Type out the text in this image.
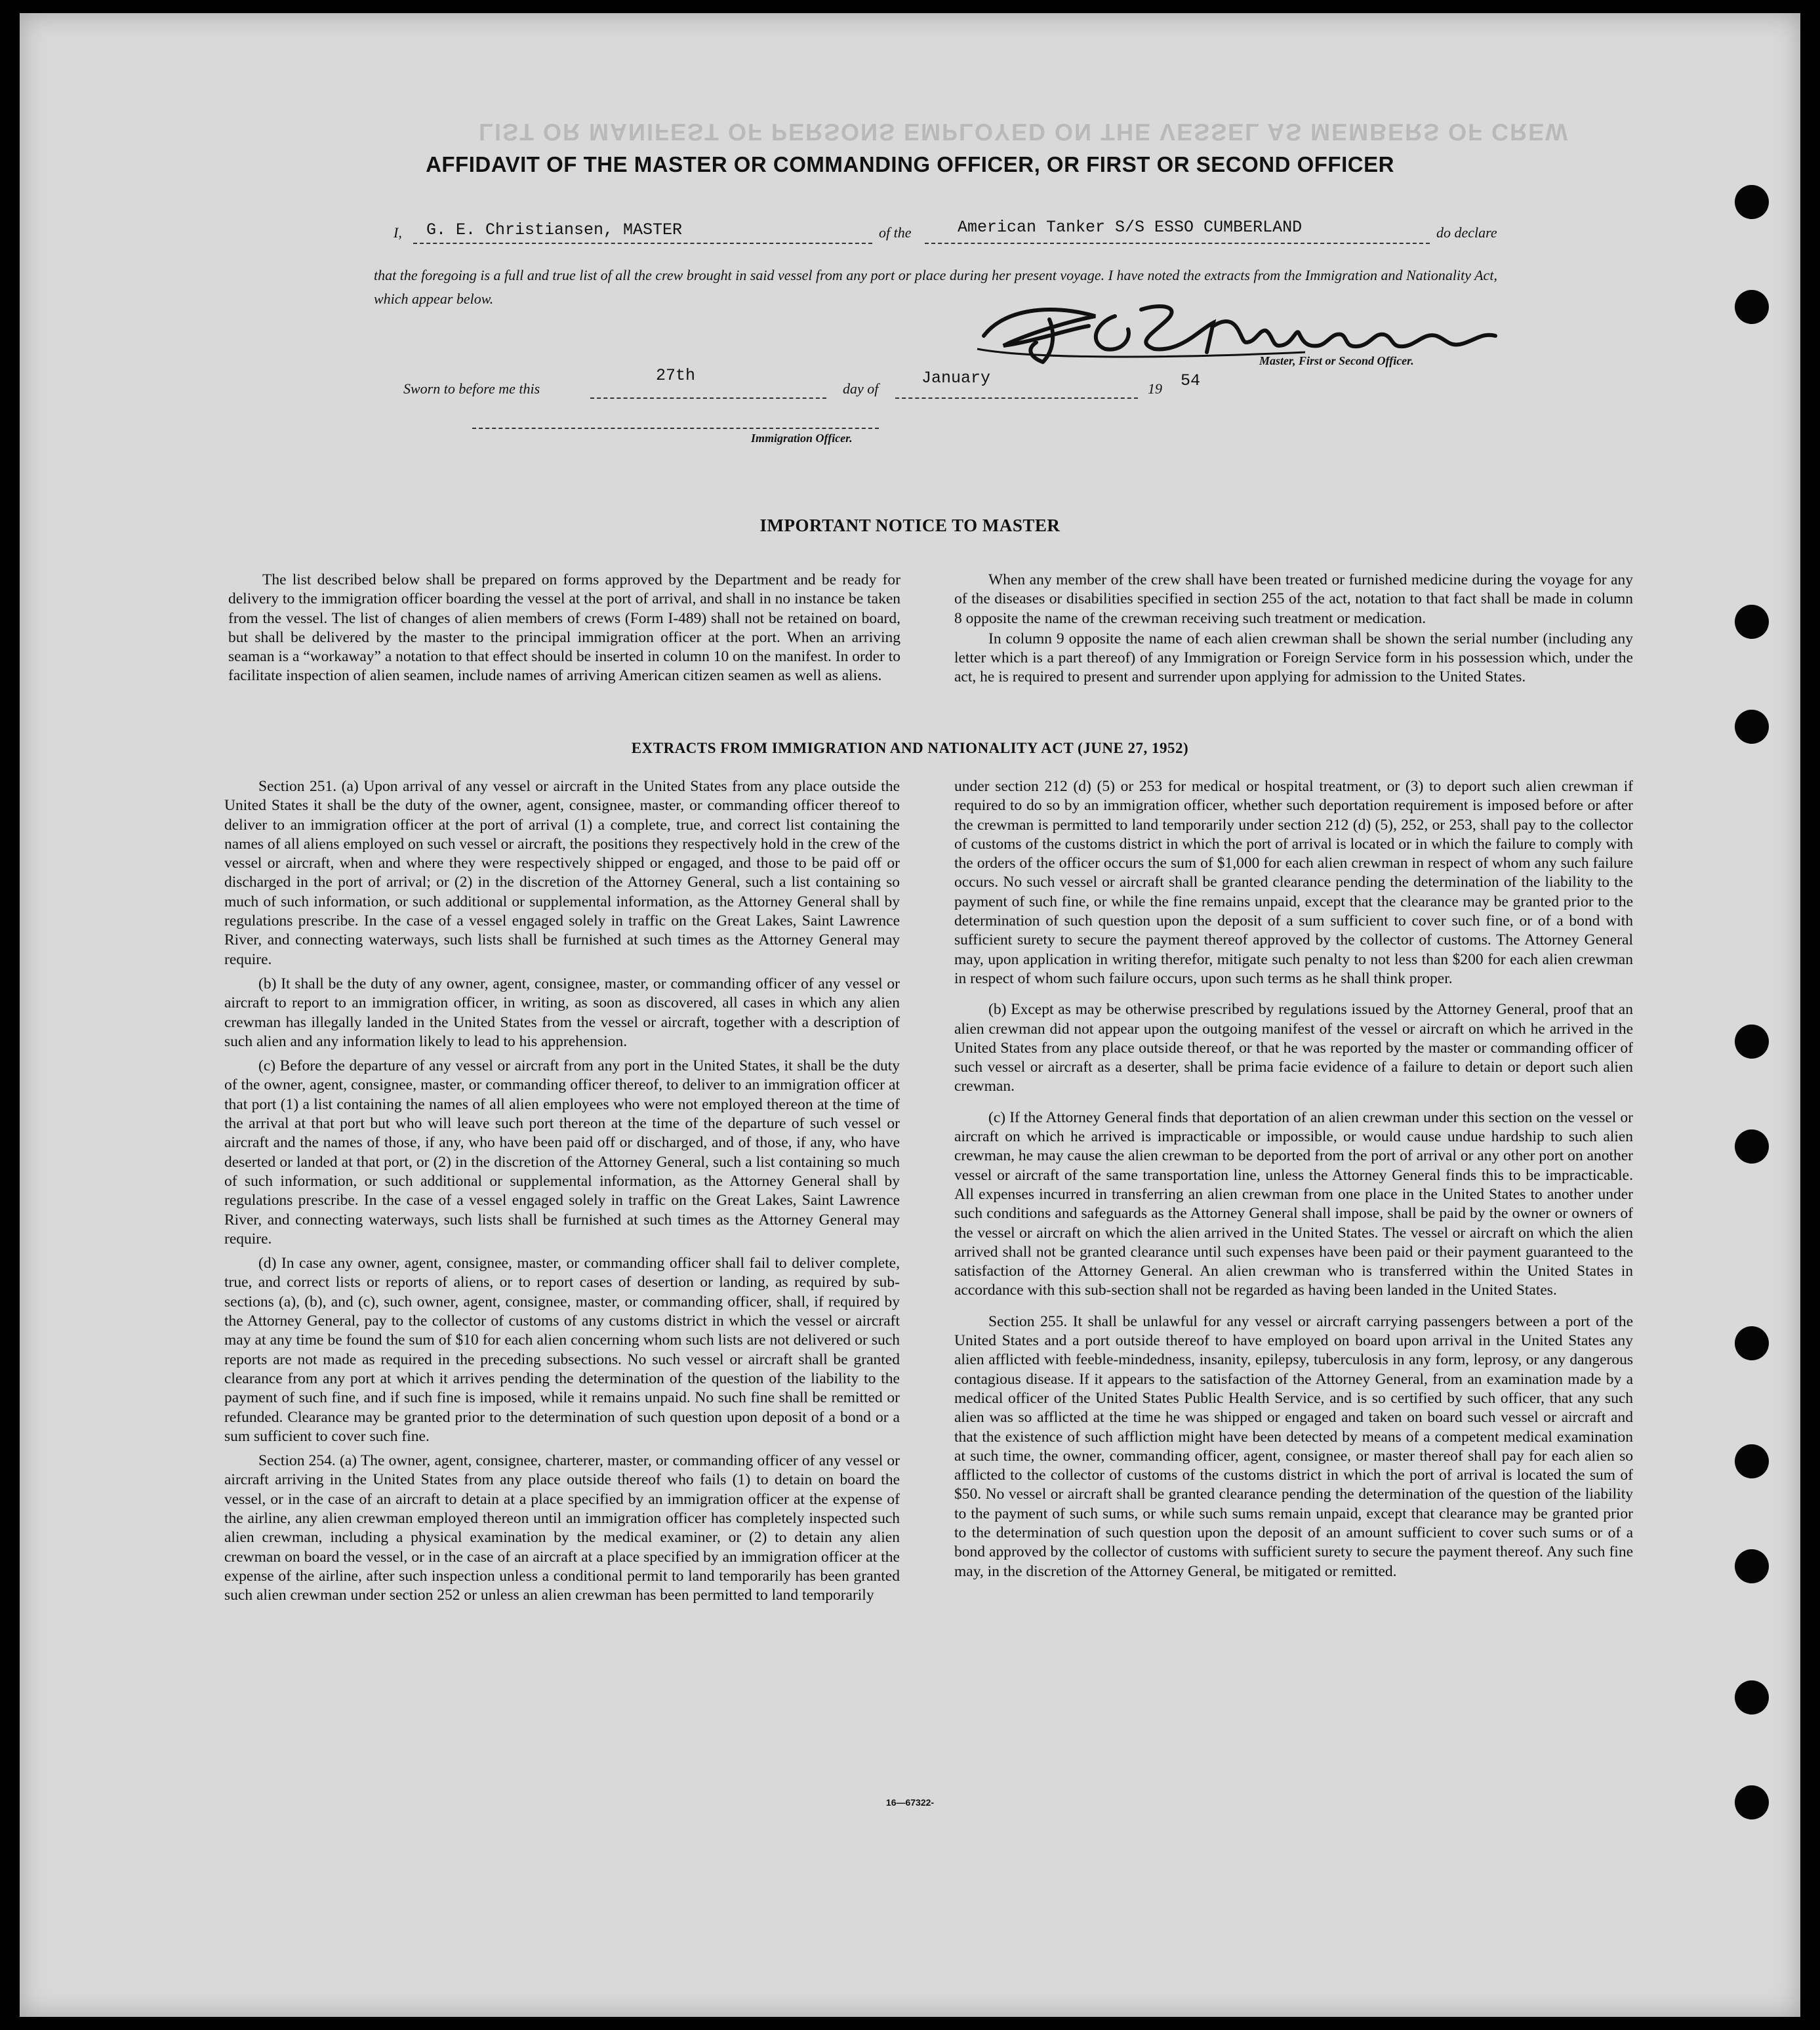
LIST OR MANIFEST OF PERSONS EMPLOYED ON THE VESSEL AS MEMBERS OF CREW
AFFIDAVIT OF THE MASTER OR COMMANDING OFFICER, OR FIRST OR SECOND OFFICER
I, G. E. Christiansen, MASTER	of the	American Tanker S/S ESSO CUMBERLAND	do declare
that the foregoing is a full and true list of all the crew brought in said vessel from any port or place during her present voyage. I have noted the extracts from the Immigration and Nationality Act, which appear below.
Master, First or Second Officer.
Sworn to before me this
27th
day of
January
19 54
Immigration Officer.
IMPORTANT NOTICE TO MASTER

The list described below shall be prepared on forms approved by the Department and be ready for delivery to the immigration officer boarding the vessel at the port of arrival, and shall in no instance be taken from the vessel. The list of changes of alien members of crews (Form I-489) shall not be retained on board, but shall be delivered by the master to the principal immigration officer at the port. When an arriving seaman is a “workaway” a notation to that effect should be inserted in column 10 on the manifest. In order to facilitate inspection of alien seamen, include names of arriving American citizen seamen as well as aliens.

When any member of the crew shall have been treated or furnished medicine during the voyage for any of the diseases or disabilities specified in section 255 of the act, notation to that fact shall be made in column 8 opposite the name of the crewman receiving such treatment or medication.

In column 9 opposite the name of each alien crewman shall be shown the serial number (including any letter which is a part thereof) of any Immigration or Foreign Service form in his possession which, under the act, he is required to present and surrender upon applying for admission to the United States.

EXTRACTS FROM IMMIGRATION AND NATIONALITY ACT (JUNE 27, 1952)

Section 251. (a) Upon arrival of any vessel or aircraft in the United States from any place outside the United States it shall be the duty of the owner, agent, consignee, master, or commanding officer thereof to deliver to an immigration officer at the port of arrival (1) a complete, true, and correct list containing the names of all aliens employed on such vessel or aircraft, the positions they respectively hold in the crew of the vessel or aircraft, when and where they were respectively shipped or engaged, and those to be paid off or discharged in the port of arrival; or (2) in the discretion of the Attorney General, such a list containing so much of such information, or such additional or supplemental information, as the Attorney General shall by regulations prescribe. In the case of a vessel engaged solely in traffic on the Great Lakes, Saint Lawrence River, and connecting waterways, such lists shall be furnished at such times as the Attorney General may require.

(b) It shall be the duty of any owner, agent, consignee, master, or commanding officer of any vessel or aircraft to report to an immigration officer, in writing, as soon as discovered, all cases in which any alien crewman has illegally landed in the United States from the vessel or aircraft, together with a description of such alien and any information likely to lead to his apprehension.

(c) Before the departure of any vessel or aircraft from any port in the United States, it shall be the duty of the owner, agent, consignee, master, or commanding officer thereof, to deliver to an immigration officer at that port (1) a list containing the names of all alien employees who were not employed thereon at the time of the arrival at that port but who will leave such port thereon at the time of the departure of such vessel or aircraft and the names of those, if any, who have been paid off or discharged, and of those, if any, who have deserted or landed at that port, or (2) in the discretion of the Attorney General, such a list containing so much of such information, or such additional or supplemental information, as the Attorney General shall by regulations prescribe. In the case of a vessel engaged solely in traffic on the Great Lakes, Saint Lawrence River, and connecting waterways, such lists shall be furnished at such times as the Attorney General may require.

(d) In case any owner, agent, consignee, master, or commanding officer shall fail to deliver complete, true, and correct lists or reports of aliens, or to report cases of desertion or landing, as required by sub-sections (a), (b), and (c), such owner, agent, consignee, master, or commanding officer, shall, if required by the Attorney General, pay to the collector of customs of any customs district in which the vessel or aircraft may at any time be found the sum of $10 for each alien concerning whom such lists are not delivered or such reports are not made as required in the preceding subsections. No such vessel or aircraft shall be granted clearance from any port at which it arrives pending the determination of the question of the liability to the payment of such fine, and if such fine is imposed, while it remains unpaid. No such fine shall be remitted or refunded. Clearance may be granted prior to the determination of such question upon deposit of a bond or a sum sufficient to cover such fine.

Section 254. (a) The owner, agent, consignee, charterer, master, or commanding officer of any vessel or aircraft arriving in the United States from any place outside thereof who fails (1) to detain on board the vessel, or in the case of an aircraft to detain at a place specified by an immigration officer at the expense of the airline, any alien crewman employed thereon until an immigration officer has completely inspected such alien crewman, including a physical examination by the medical examiner, or (2) to detain any alien crewman on board the vessel, or in the case of an aircraft at a place specified by an immigration officer at the expense of the airline, after such inspection unless a conditional permit to land temporarily has been granted such alien crewman under section 252 or unless an alien crewman has been permitted to land temporarily

under section 212 (d) (5) or 253 for medical or hospital treatment, or (3) to deport such alien crewman if required to do so by an immigration officer, whether such deportation requirement is imposed before or after the crewman is permitted to land temporarily under section 212 (d) (5), 252, or 253, shall pay to the collector of customs of the customs district in which the port of arrival is located or in which the failure to comply with the orders of the officer occurs the sum of $1,000 for each alien crewman in respect of whom any such failure occurs. No such vessel or aircraft shall be granted clearance pending the determination of the liability to the payment of such fine, or while the fine remains unpaid, except that the clearance may be granted prior to the determination of such question upon the deposit of a sum sufficient to cover such fine, or of a bond with sufficient surety to secure the payment thereof approved by the collector of customs. The Attorney General may, upon application in writing therefor, mitigate such penalty to not less than $200 for each alien crewman in respect of whom such failure occurs, upon such terms as he shall think proper.

(b) Except as may be otherwise prescribed by regulations issued by the Attorney General, proof that an alien crewman did not appear upon the outgoing manifest of the vessel or aircraft on which he arrived in the United States from any place outside thereof, or that he was reported by the master or commanding officer of such vessel or aircraft as a deserter, shall be prima facie evidence of a failure to detain or deport such alien crewman.

(c) If the Attorney General finds that deportation of an alien crewman under this section on the vessel or aircraft on which he arrived is impracticable or impossible, or would cause undue hardship to such alien crewman, he may cause the alien crewman to be deported from the port of arrival or any other port on another vessel or aircraft of the same transportation line, unless the Attorney General finds this to be impracticable. All expenses incurred in transferring an alien crewman from one place in the United States to another under such conditions and safeguards as the Attorney General shall impose, shall be paid by the owner or owners of the vessel or aircraft on which the alien arrived in the United States. The vessel or aircraft on which the alien arrived shall not be granted clearance until such expenses have been paid or their payment guaranteed to the satisfaction of the Attorney General. An alien crewman who is transferred within the United States in accordance with this sub-section shall not be regarded as having been landed in the United States.

Section 255. It shall be unlawful for any vessel or aircraft carrying passengers between a port of the United States and a port outside thereof to have employed on board upon arrival in the United States any alien afflicted with feeble-mindedness, insanity, epilepsy, tuberculosis in any form, leprosy, or any dangerous contagious disease. If it appears to the satisfaction of the Attorney General, from an examination made by a medical officer of the United States Public Health Service, and is so certified by such officer, that any such alien was so afflicted at the time he was shipped or engaged and taken on board such vessel or aircraft and that the existence of such affliction might have been detected by means of a competent medical examination at such time, the owner, commanding officer, agent, consignee, or master thereof shall pay for each alien so afflicted to the collector of customs of the customs district in which the port of arrival is located the sum of $50. No vessel or aircraft shall be granted clearance pending the determination of the question of the liability to the payment of such sums, or while such sums remain unpaid, except that clearance may be granted prior to the determination of such question upon the deposit of an amount sufficient to cover such sums or of a bond approved by the collector of customs with sufficient surety to secure the payment thereof. Any such fine may, in the discretion of the Attorney General, be mitigated or remitted.

16—67322-
